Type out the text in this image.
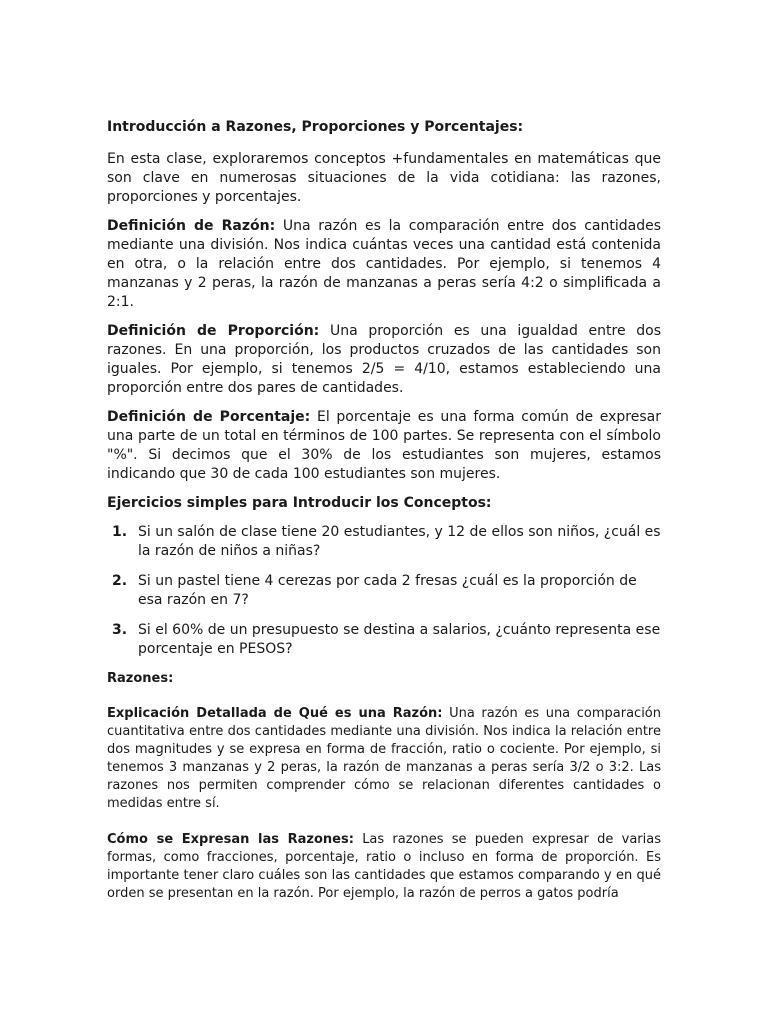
Introducción a Razones, Proporciones y Porcentajes:

En esta clase, exploraremos conceptos +fundamentales en matemáticas que son clave en numerosas situaciones de la vida cotidiana: las razones, proporciones y porcentajes.

Definición de Razón: Una razón es la comparación entre dos cantidades mediante una división. Nos indica cuántas veces una cantidad está contenida en otra, o la relación entre dos cantidades. Por ejemplo, si tenemos 4 manzanas y 2 peras, la razón de manzanas a peras sería 4:2 o simplificada a 2:1.

Definición de Proporción: Una proporción es una igualdad entre dos razones. En una proporción, los productos cruzados de las cantidades son iguales. Por ejemplo, si tenemos 2/5 = 4/10, estamos estableciendo una proporción entre dos pares de cantidades.

Definición de Porcentaje: El porcentaje es una forma común de expresar una parte de un total en términos de 100 partes. Se representa con el símbolo "%". Si decimos que el 30% de los estudiantes son mujeres, estamos indicando que 30 de cada 100 estudiantes son mujeres.

Ejercicios simples para Introducir los Conceptos:
1. Si un salón de clase tiene 20 estudiantes, y 12 de ellos son niños, ¿cuál es la razón de niños a niñas?
2. Si un pastel tiene 4 cerezas por cada 2 fresas ¿cuál es la proporción de esa razón en 7?
3. Si el 60% de un presupuesto se destina a salarios, ¿cuánto representa ese porcentaje en PESOS?
Razones:

Explicación Detallada de Qué es una Razón: Una razón es una comparación cuantitativa entre dos cantidades mediante una división. Nos indica la relación entre dos magnitudes y se expresa en forma de fracción, ratio o cociente. Por ejemplo, si tenemos 3 manzanas y 2 peras, la razón de manzanas a peras sería 3/2 o 3:2. Las razones nos permiten comprender cómo se relacionan diferentes cantidades o medidas entre sí.

Cómo se Expresan las Razones: Las razones se pueden expresar de varias formas, como fracciones, porcentaje, ratio o incluso en forma de proporción. Es importante tener claro cuáles son las cantidades que estamos comparando y en qué orden se presentan en la razón. Por ejemplo, la razón de perros a gatos podría
